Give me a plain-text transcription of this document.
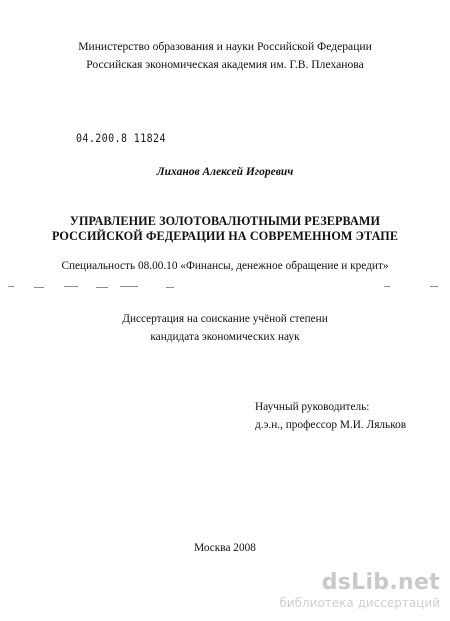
Министерство образования и науки Российской Федерации
Российская экономическая академия им. Г.В. Плеханова
04.200.8 11824
Лиханов Алексей Игоревич
УПРАВЛЕНИЕ ЗОЛОТОВАЛЮТНЫМИ РЕЗЕРВАМИ
РОССИЙСКОЙ ФЕДЕРАЦИИ НА СОВРЕМЕННОМ ЭТАПЕ
Специальность 08.00.10 «Финансы, денежное обращение и кредит»
Диссертация на соискание учёной степени
кандидата экономических наук
Научный руководитель:
д.э.н., профессор М.И. Ляльков
Москва 2008
dsLib.net
библиотека диссертаций
